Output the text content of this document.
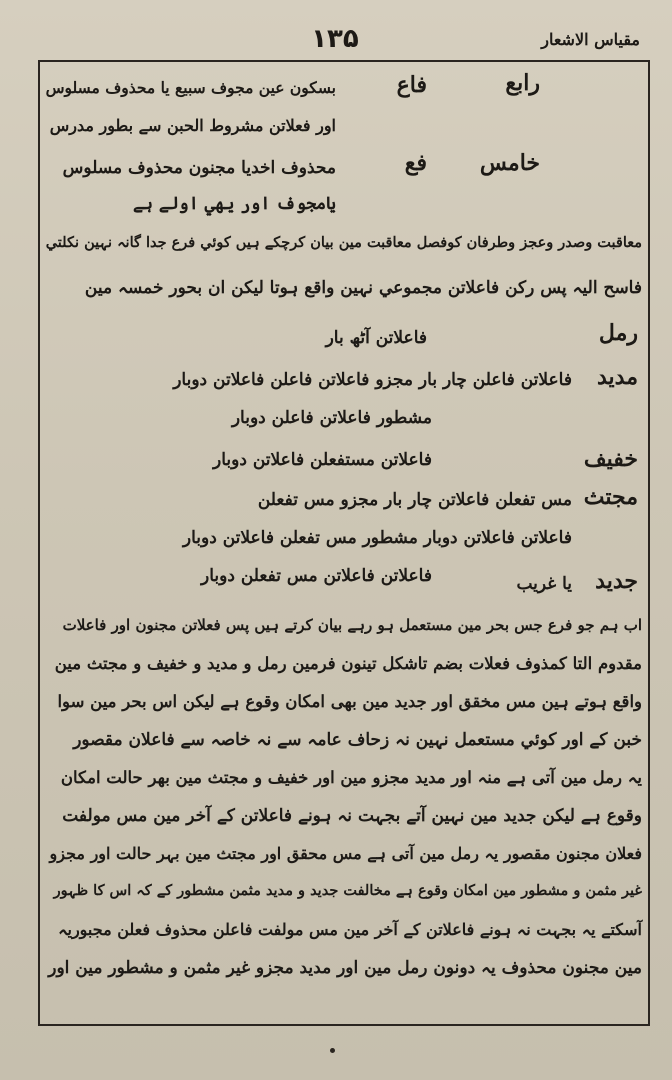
۱۳۵	مقياس الاشعار
رابع
فاع
بسكون عين مجوف سبيع يا محذوف مسلوس
اور فعلاتن مشروط الحبن سے بطور مدرس
خامس
فع
محذوف اخديا مجنون محذوف مسلوس
يامجوف اور يهي اولے ہے
معاقبت وصدر وعجز وطرفان كوفصل معاقبت مين بيان كرچكے ہيں كوئي فرع جدا گانہ نہين نكلتي
فاسح اليہ پس ركن فاعلاتن مجموعي نہين واقع ہوتا ليكن ان بحور خمسہ مين
رمل
فاعلاتن آٹھ بار
مديد
فاعلاتن فاعلن چار بار مجزو فاعلاتن فاعلن فاعلاتن دوبار
مشطور فاعلاتن فاعلن دوبار
خفيف
فاعلاتن مستفعلن فاعلاتن دوبار
مجتث
مس تفعلن فاعلاتن چار بار مجزو مس تفعلن
فاعلاتن فاعلاتن دوبار مشطور مس تفعلن فاعلاتن دوبار
فاعلاتن فاعلاتن مس تفعلن دوبار	جديد
يا غريب
اب ہم جو فرع جس بحر مين مستعمل ہو رہے بيان كرتے ہيں پس فعلاتن مجنون اور فاعلات
مقدوم التا كمذوف فعلات بضم تاشكل تينون فرمين رمل و مديد و خفيف و مجتث مين
واقع ہوتے ہين مس مخقق اور جديد مين بھی امكان وقوع ہے ليكن اس بحر مين سوا
خبن كے اور كوئي مستعمل نہين نہ زحاف عامہ سے نہ خاصہ سے فاعلان مقصور
يہ رمل مين آتی ہے منہ اور مديد مجزو مين اور خفيف و مجتث مين بھر حالت امكان
وقوع ہے ليكن جديد مين نہين آتے بجہت نہ ہونے فاعلاتن كے آخر مين مس مولفت
فعلان مجنون مقصور يہ رمل مين آتی ہے مس محقق اور مجتث مين بہر حالت اور مجزو
غير مثمن و مشطور مين امكان وقوع ہے مخالفت جديد و مديد مثمن مشطور كے كہ اس كا ظہور
آسكتے يہ بجہت نہ ہونے فاعلاتن كے آخر مين مس مولفت فاعلن محذوف فعلن مجبوريہ
مين مجنون محذوف يہ دونون رمل مين اور مديد مجزو غير مثمن و مشطور مين اور
